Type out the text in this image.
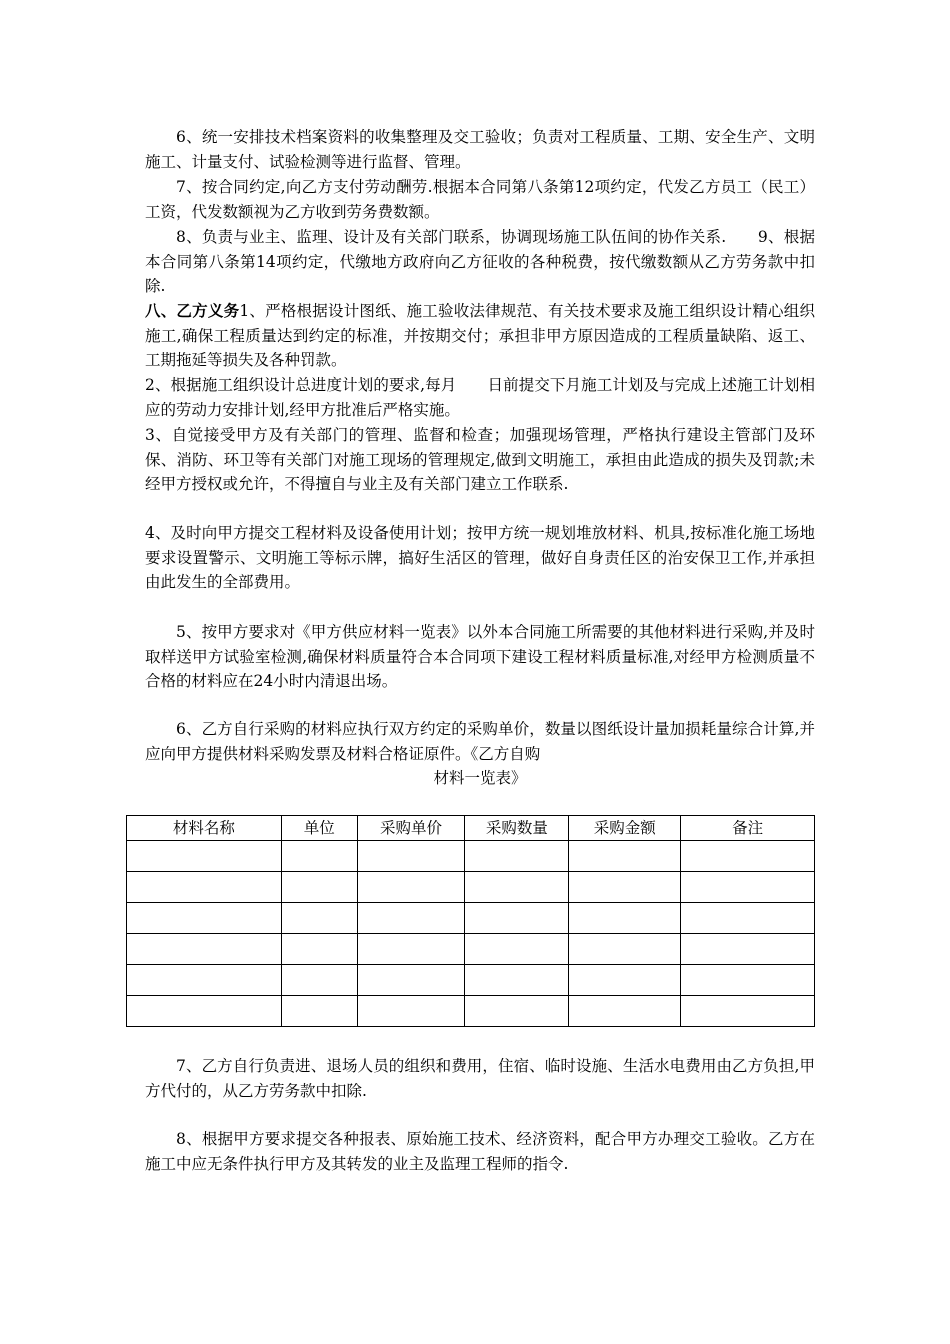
6、统一安排技术档案资料的收集整理及交工验收；负责对工程质量、工期、安全生产、文明施工、计量支付、试验检测等进行监督、管理。

7、按合同约定,向乙方支付劳动酬劳.根据本合同第八条第12项约定，代发乙方员工（民工）工资，代发数额视为乙方收到劳务费数额。

8、负责与业主、监理、设计及有关部门联系，协调现场施工队伍间的协作关系.　　9、根据本合同第八条第14项约定，代缴地方政府向乙方征收的各种税费，按代缴数额从乙方劳务款中扣除.

八、乙方义务1、严格根据设计图纸、施工验收法律规范、有关技术要求及施工组织设计精心组织施工,确保工程质量达到约定的标准，并按期交付；承担非甲方原因造成的工程质量缺陷、返工、工期拖延等损失及各种罚款。

2、根据施工组织设计总进度计划的要求,每月　　日前提交下月施工计划及与完成上述施工计划相应的劳动力安排计划,经甲方批准后严格实施。

3、自觉接受甲方及有关部门的管理、监督和检查；加强现场管理，严格执行建设主管部门及环保、消防、环卫等有关部门对施工现场的管理规定,做到文明施工，承担由此造成的损失及罚款;未经甲方授权或允许，不得擅自与业主及有关部门建立工作联系.

4、及时向甲方提交工程材料及设备使用计划；按甲方统一规划堆放材料、机具,按标准化施工场地要求设置警示、文明施工等标示牌，搞好生活区的管理，做好自身责任区的治安保卫工作,并承担由此发生的全部费用。

5、按甲方要求对《甲方供应材料一览表》以外本合同施工所需要的其他材料进行采购,并及时取样送甲方试验室检测,确保材料质量符合本合同项下建设工程材料质量标准,对经甲方检测质量不合格的材料应在24小时内清退出场。

6、乙方自行采购的材料应执行双方约定的采购单价，数量以图纸设计量加损耗量综合计算,并应向甲方提供材料采购发票及材料合格证原件。《乙方自购

材料一览表》

材料名称	单位	采购单价	采购数量	采购金额	备注

7、乙方自行负责进、退场人员的组织和费用，住宿、临时设施、生活水电费用由乙方负担,甲方代付的，从乙方劳务款中扣除.

8、根据甲方要求提交各种报表、原始施工技术、经济资料，配合甲方办理交工验收。乙方在施工中应无条件执行甲方及其转发的业主及监理工程师的指令.
